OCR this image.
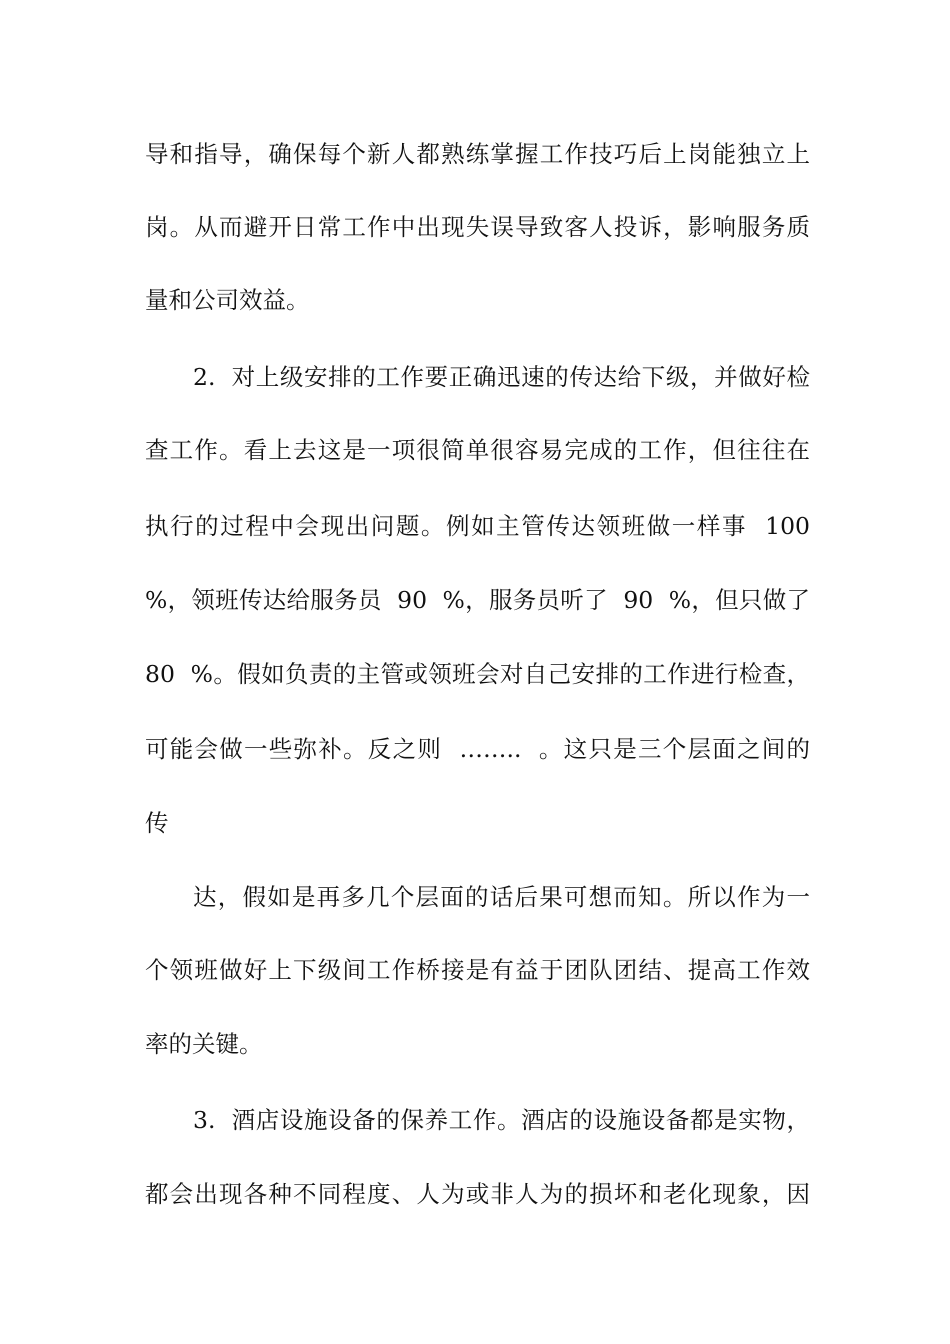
导和指导，确保每个新人都熟练掌握工作技巧后上岗能独立上
岗。从而避开日常工作中出现失误导致客人投诉，影响服务质
量和公司效益。
2.  对上级安排的工作要正确迅速的传达给下级，并做好检
查工作。看上去这是一项很简单很容易完成的工作，但往往在
执行的过程中会现出问题。例如主管传达领班做一样事  100
%，领班传达给服务员  90  %，服务员听了  90  %，但只做了
80  %。假如负责的主管或领班会对自己安排的工作进行检查，
可能会做一些弥补。反之则  ……..  。这只是三个层面之间的
传
达，假如是再多几个层面的话后果可想而知。所以作为一
个领班做好上下级间工作桥接是有益于团队团结、提高工作效
率的关键。
3.  酒店设施设备的保养工作。酒店的设施设备都是实物，
都会出现各种不同程度、人为或非人为的损坏和老化现象，因
